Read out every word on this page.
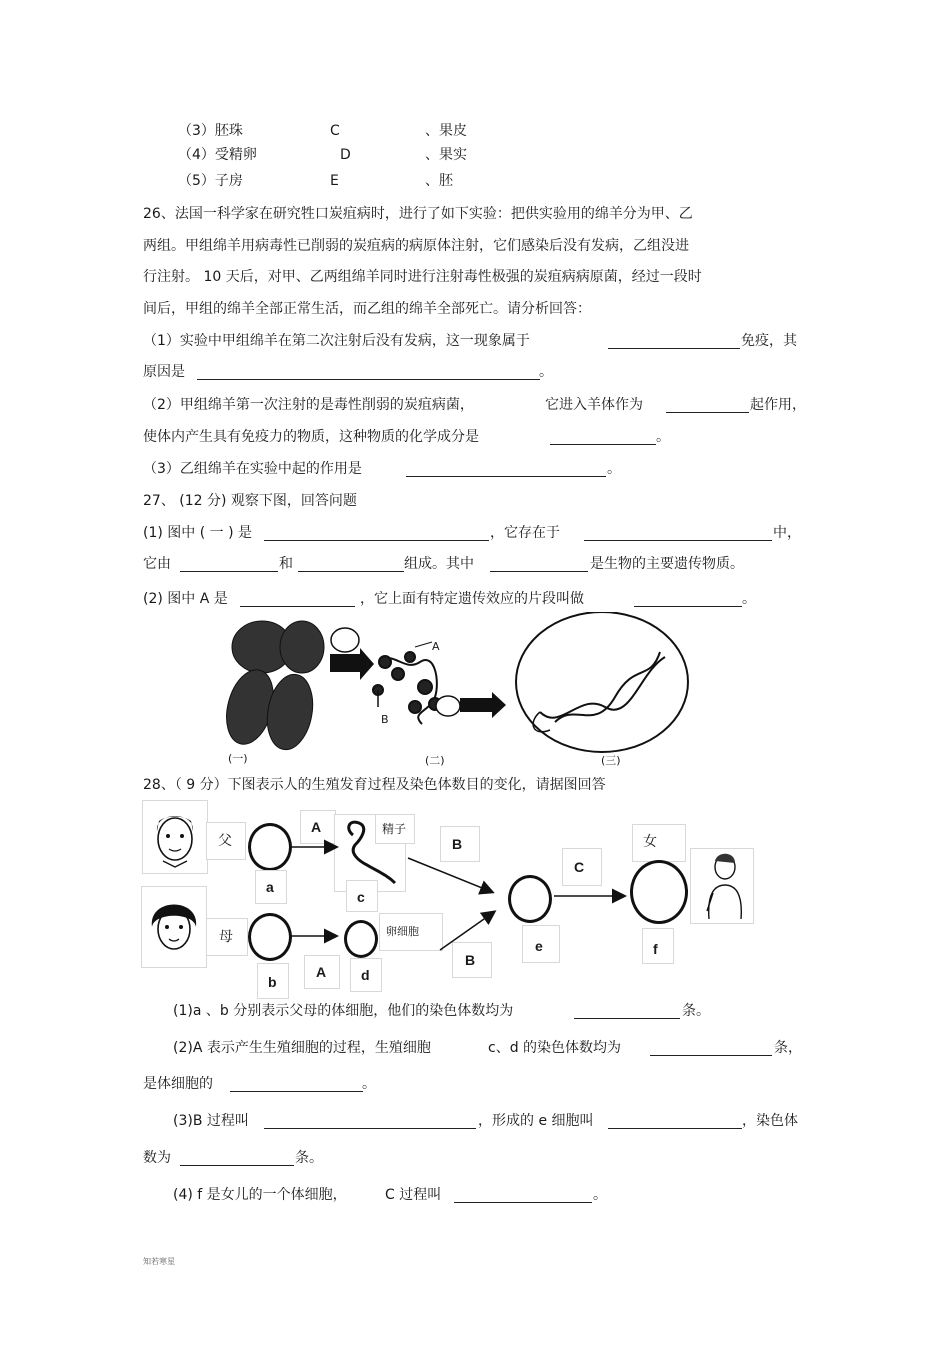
（3）胚珠	C	、果皮
（4）受精卵	D	、果实
（5）子房	E	、胚
26、法国一科学家在研究牲口炭疽病时，进行了如下实验：把供实验用的绵羊分为甲、乙
两组。甲组绵羊用病毒性已削弱的炭疽病的病原体注射，它们感染后没有发病，乙组没进
行注射。 10 天后，对甲、乙两组绵羊同时进行注射毒性极强的炭疽病病原菌，经过一段时
间后，甲组的绵羊全部正常生活，而乙组的绵羊全部死亡。请分析回答：
（1）实验中甲组绵羊在第二次注射后没有发病，这一现象属于	免疫，其
原因是	。
（2）甲组绵羊第一次注射的是毒性削弱的炭疽病菌，	它进入羊体作为	起作用，
使体内产生具有免疫力的物质，这种物质的化学成分是	。
（3）乙组绵羊在实验中起的作用是	。
27、 (12 分) 观察下图，回答问题
(1) 图中 ( 一 ) 是	，它存在于	中，
它由	和	组成。其中	是生物的主要遗传物质。
(2) 图中 A 是	，它上面有特定遗传效应的片段叫做	。
A
B
(一)	(二)	(三)
28、（ 9 分）下图表示人的生殖发育过程及染色体数目的变化，请据图回答
父
母
a
b
A
A
精子
c
卵细胞
d
B
B
e
C
女
f
(1)a 、b 分别表示父母的体细胞，他们的染色体数均为	条。
(2)A 表示产生生殖细胞的过程，生殖细胞	c、d 的染色体数均为	条，
是体细胞的	。
(3)B 过程叫	，形成的 e 细胞叫	，染色体
数为	条。
(4) f 是女儿的一个体细胞，	C 过程叫	。
知若寒星
